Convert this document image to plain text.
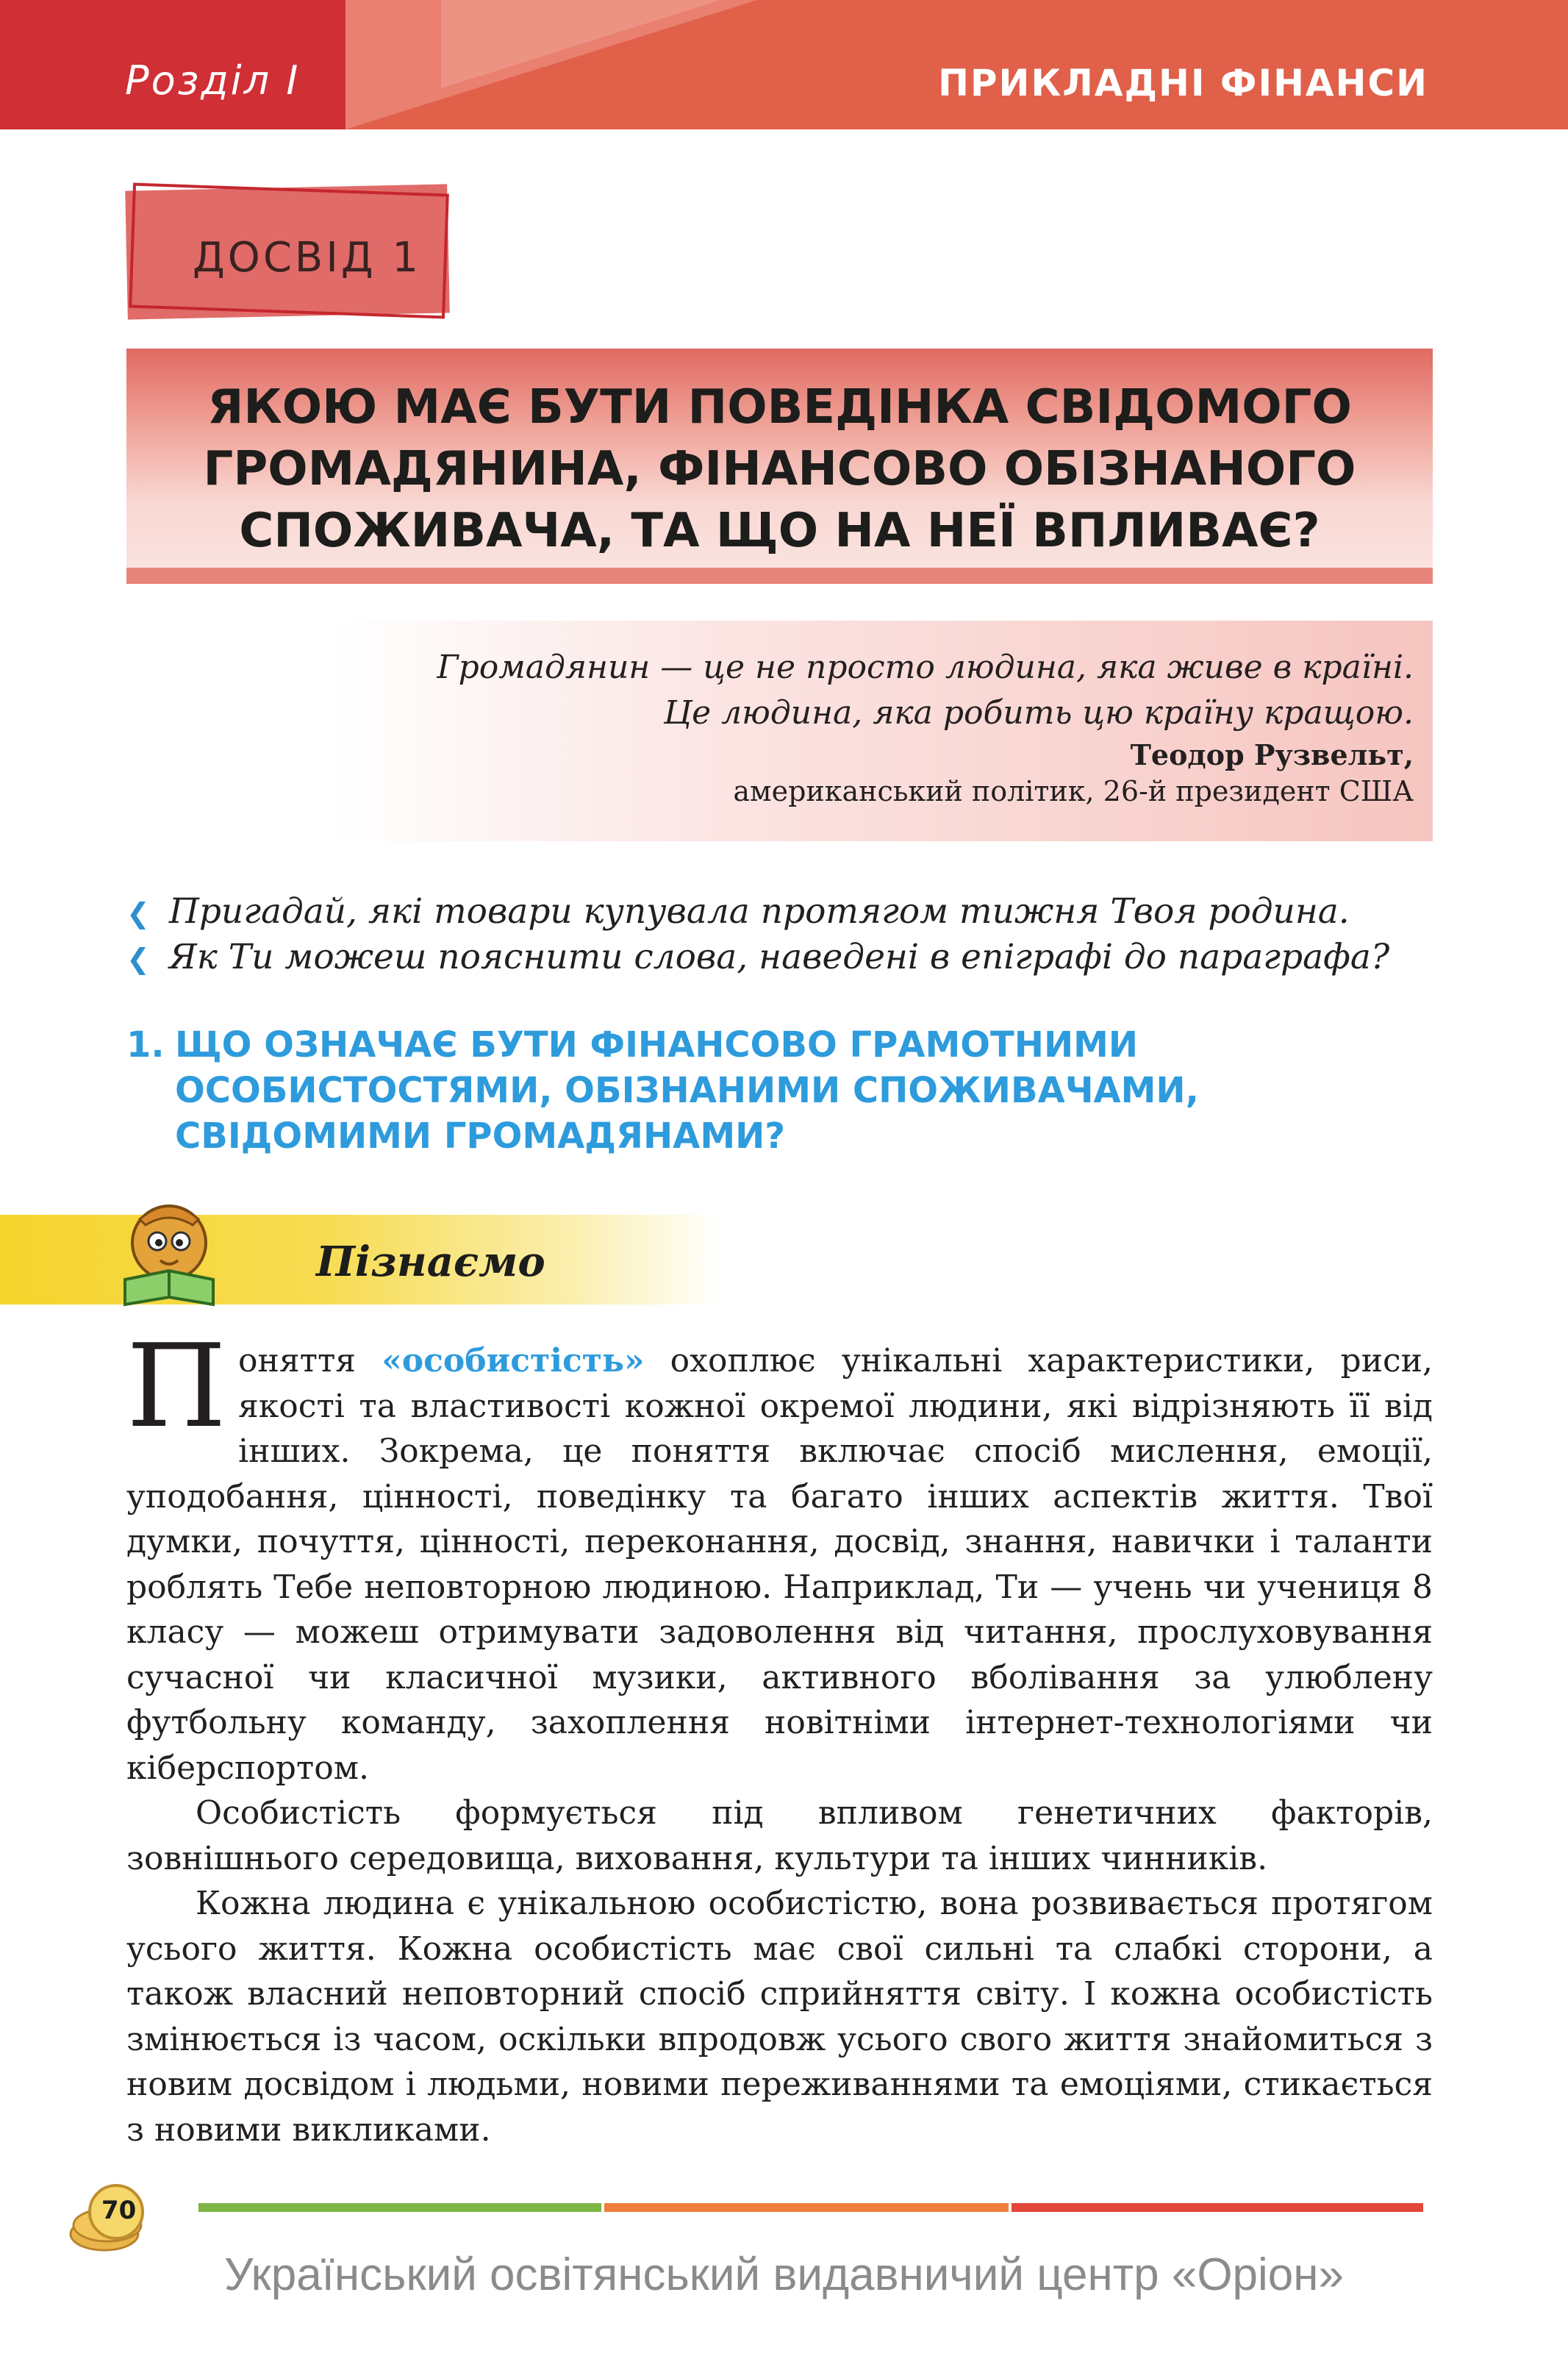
Розділ І	ПРИКЛАДНІ ФІНАНСИ
ДОСВІД 1
ЯКОЮ МАЄ БУТИ ПОВЕДІНКА СВІДОМОГО
ГРОМАДЯНИНА, ФІНАНСОВО ОБІЗНАНОГО
СПОЖИВАЧА, ТА ЩО НА НЕЇ ВПЛИВАЄ?
Громадянин — це не просто людина, яка живе в країні.
Це людина, яка робить цю країну кращою.
Теодор Рузвельт,
американський політик, 26-й президент США
❮ Пригадай, які товари купувала протягом тижня Твоя родина.
❮ Як Ти можеш пояснити слова, наведені в епіграфі до параграфа?
1. ЩО ОЗНАЧАЄ БУТИ ФІНАНСОВО ГРАМОТНИМИ
ОСОБИСТОСТЯМИ, ОБІЗНАНИМИ СПОЖИВАЧАМИ,
СВІДОМИМИ ГРОМАДЯНАМИ?
Пізнаємо

Поняття «особистість» охоплює унікальні характеристики, риси, якості та властивості кожної окремої людини, які відрізняють її від інших. Зокрема, це поняття включає спосіб мислення, емоції, уподобання, цінності, поведінку та багато інших аспектів життя. Твої думки, почуття, цінності, переконання, досвід, знання, навички і таланти роблять Тебе неповторною людиною. Наприклад, Ти — учень чи учениця 8 класу — можеш отримувати задоволення від читання, прослуховування сучасної чи класичної музики, активного вболівання за улюблену футбольну команду, захоплення новітніми інтернет-технологіями чи кіберспортом.

Особистість формується під впливом генетичних факторів, зовнішнього середовища, виховання, культури та інших чинників.

Кожна людина є унікальною особистістю, вона розвивається протягом усього життя. Кожна особистість має свої сильні та слабкі сторони, а також власний неповторний спосіб сприйняття світу. І кожна особистість змінюється із часом, оскільки впродовж усього свого життя знайомиться з новим досвідом і людьми, новими переживаннями та емоціями, стикається з новими викликами.

70
Український освітянський видавничий центр «Оріон»
